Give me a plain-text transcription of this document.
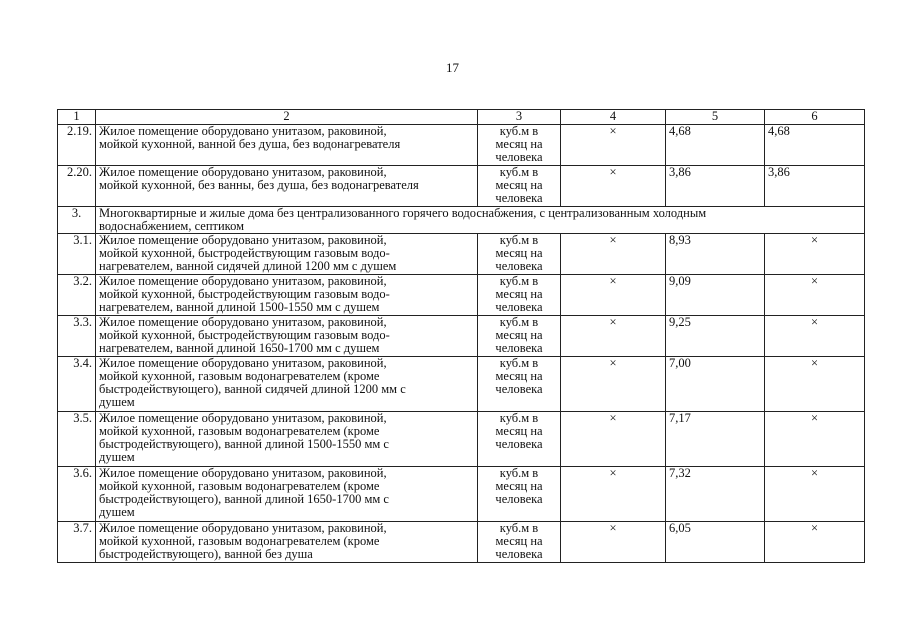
17
1	2	3	4	5	6
2.19.	Жилое помещение оборудовано унитазом, раковиной,
мойкой кухонной, ванной без душа, без водонагревателя	куб.м в
месяц на
человека	×	4,68	4,68
2.20.	Жилое помещение оборудовано унитазом, раковиной,
мойкой кухонной, без ванны, без душа, без водонагревателя	куб.м в
месяц на
человека	×	3,86	3,86
3.	Многоквартирные и жилые дома без централизованного горячего водоснабжения, с централизованным холодным
водоснабжением, септиком				

3.1.	Жилое помещение оборудовано унитазом, раковиной,
мойкой кухонной, быстродействующим газовым водо-
нагревателем, ванной сидячей длиной 1200 мм с душем	куб.м в
месяц на
человека	×	8,93	×
3.2.	Жилое помещение оборудовано унитазом, раковиной,
мойкой кухонной, быстродействующим газовым водо-
нагревателем, ванной длиной 1500-1550 мм с душем	куб.м в
месяц на
человека	×	9,09	×
3.3.	Жилое помещение оборудовано унитазом, раковиной,
мойкой кухонной, быстродействующим газовым водо-
нагревателем, ванной длиной 1650-1700 мм с душем	куб.м в
месяц на
человека	×	9,25	×
3.4.	Жилое помещение оборудовано унитазом, раковиной,
мойкой кухонной, газовым водонагревателем (кроме
быстродействующего), ванной сидячей длиной 1200 мм с
душем	куб.м в
месяц на
человека	×	7,00	×
3.5.	Жилое помещение оборудовано унитазом, раковиной,
мойкой кухонной, газовым водонагревателем (кроме
быстродействующего), ванной длиной 1500-1550 мм с
душем	куб.м в
месяц на
человека	×	7,17	×
3.6.	Жилое помещение оборудовано унитазом, раковиной,
мойкой кухонной, газовым водонагревателем (кроме
быстродействующего), ванной длиной 1650-1700 мм с
душем	куб.м в
месяц на
человека	×	7,32	×
3.7.	Жилое помещение оборудовано унитазом, раковиной,
мойкой кухонной, газовым водонагревателем (кроме
быстродействующего), ванной без душа	куб.м в
месяц на
человека	×	6,05	×
